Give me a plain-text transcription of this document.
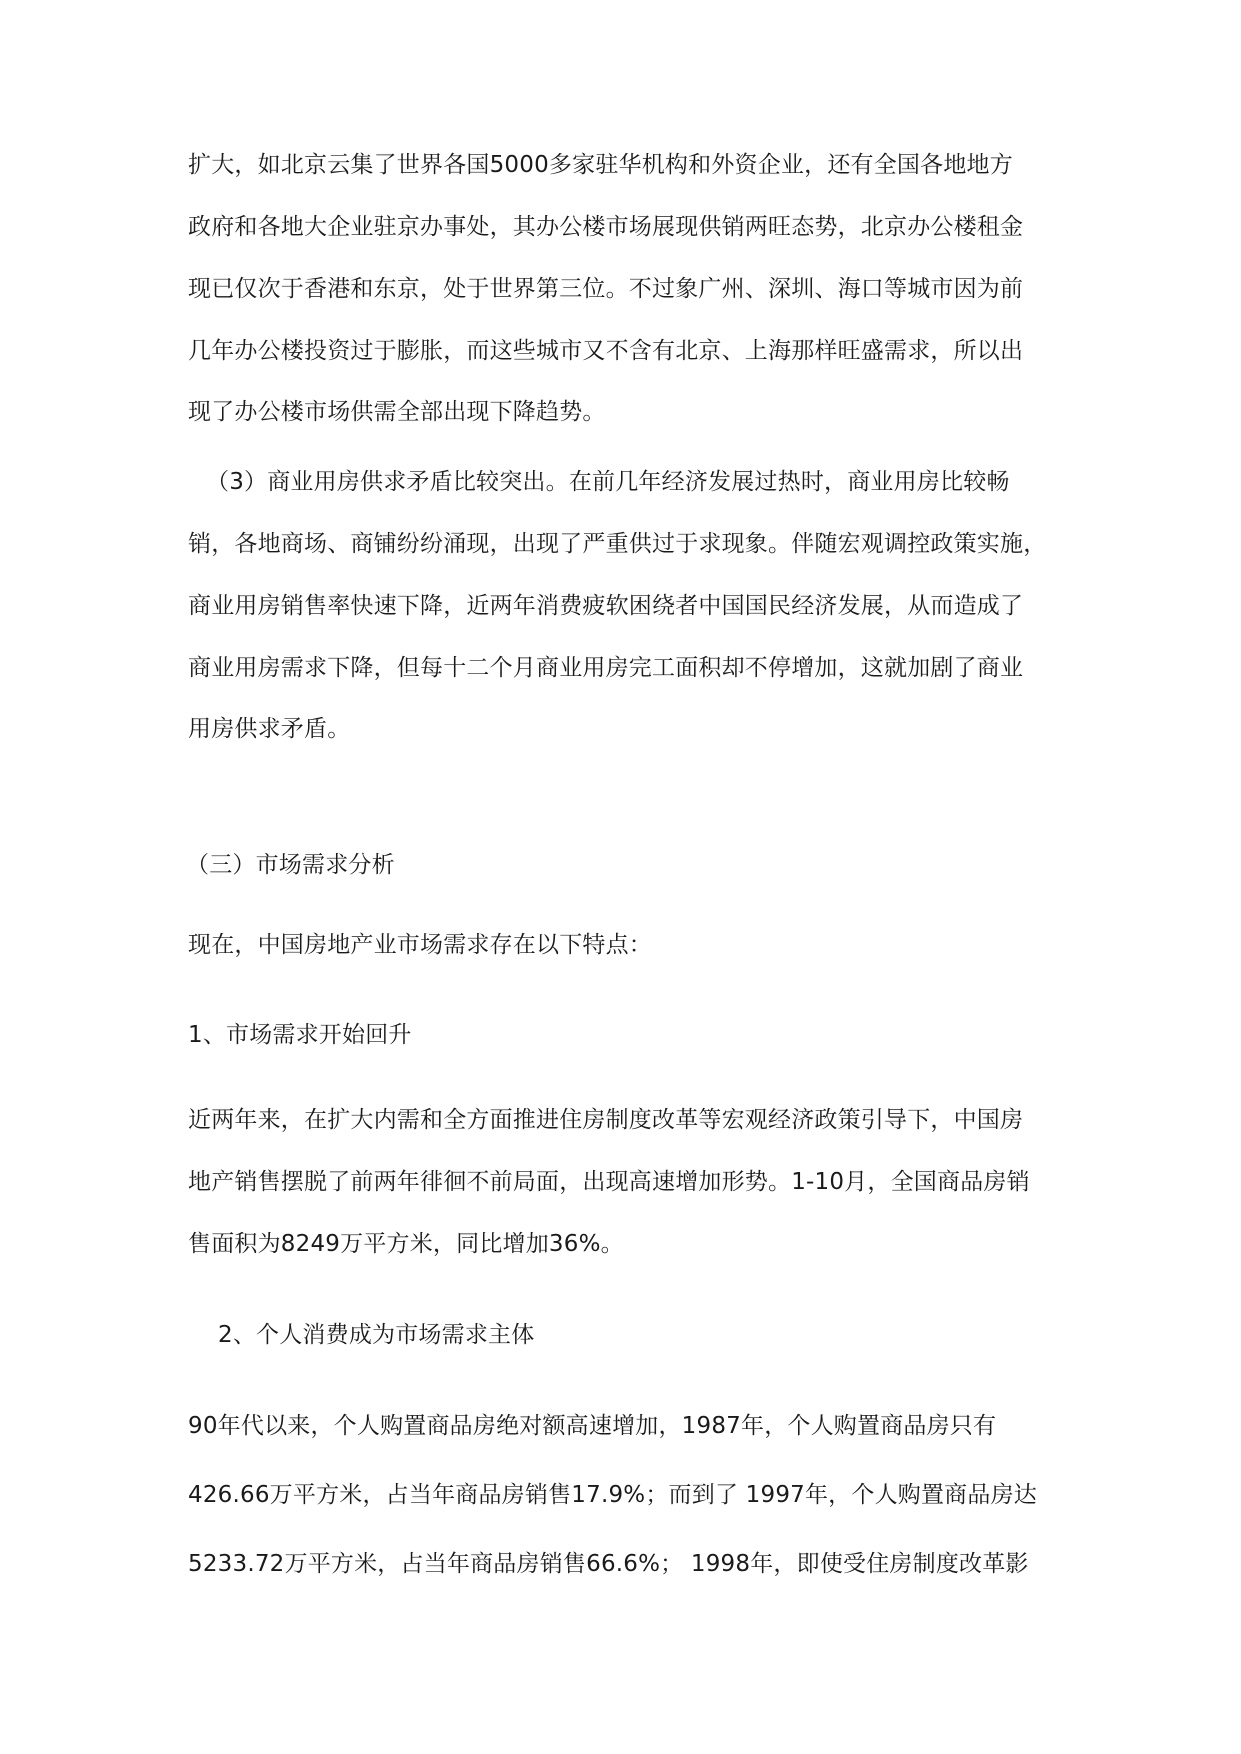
扩大，如北京云集了世界各国5000多家驻华机构和外资企业，还有全国各地地方
政府和各地大企业驻京办事处，其办公楼市场展现供销两旺态势，北京办公楼租金
现已仅次于香港和东京，处于世界第三位。不过象广州、深圳、海口等城市因为前
几年办公楼投资过于膨胀，而这些城市又不含有北京、上海那样旺盛需求，所以出
现了办公楼市场供需全部出现下降趋势。
（3）商业用房供求矛盾比较突出。在前几年经济发展过热时，商业用房比较畅
销，各地商场、商铺纷纷涌现，出现了严重供过于求现象。伴随宏观调控政策实施，
商业用房销售率快速下降，近两年消费疲软困绕者中国国民经济发展，从而造成了
商业用房需求下降，但每十二个月商业用房完工面积却不停增加，这就加剧了商业
用房供求矛盾。
（三）市场需求分析
现在，中国房地产业市场需求存在以下特点：
1、市场需求开始回升
近两年来，在扩大内需和全方面推进住房制度改革等宏观经济政策引导下，中国房
地产销售摆脱了前两年徘徊不前局面，出现高速增加形势。1-10月，全国商品房销
售面积为8249万平方米，同比增加36%。
2、个人消费成为市场需求主体
90年代以来，个人购置商品房绝对额高速增加，1987年，个人购置商品房只有
426.66万平方米，占当年商品房销售17.9%；而到了 1997年，个人购置商品房达
5233.72万平方米，占当年商品房销售66.6%； 1998年，即使受住房制度改革影
